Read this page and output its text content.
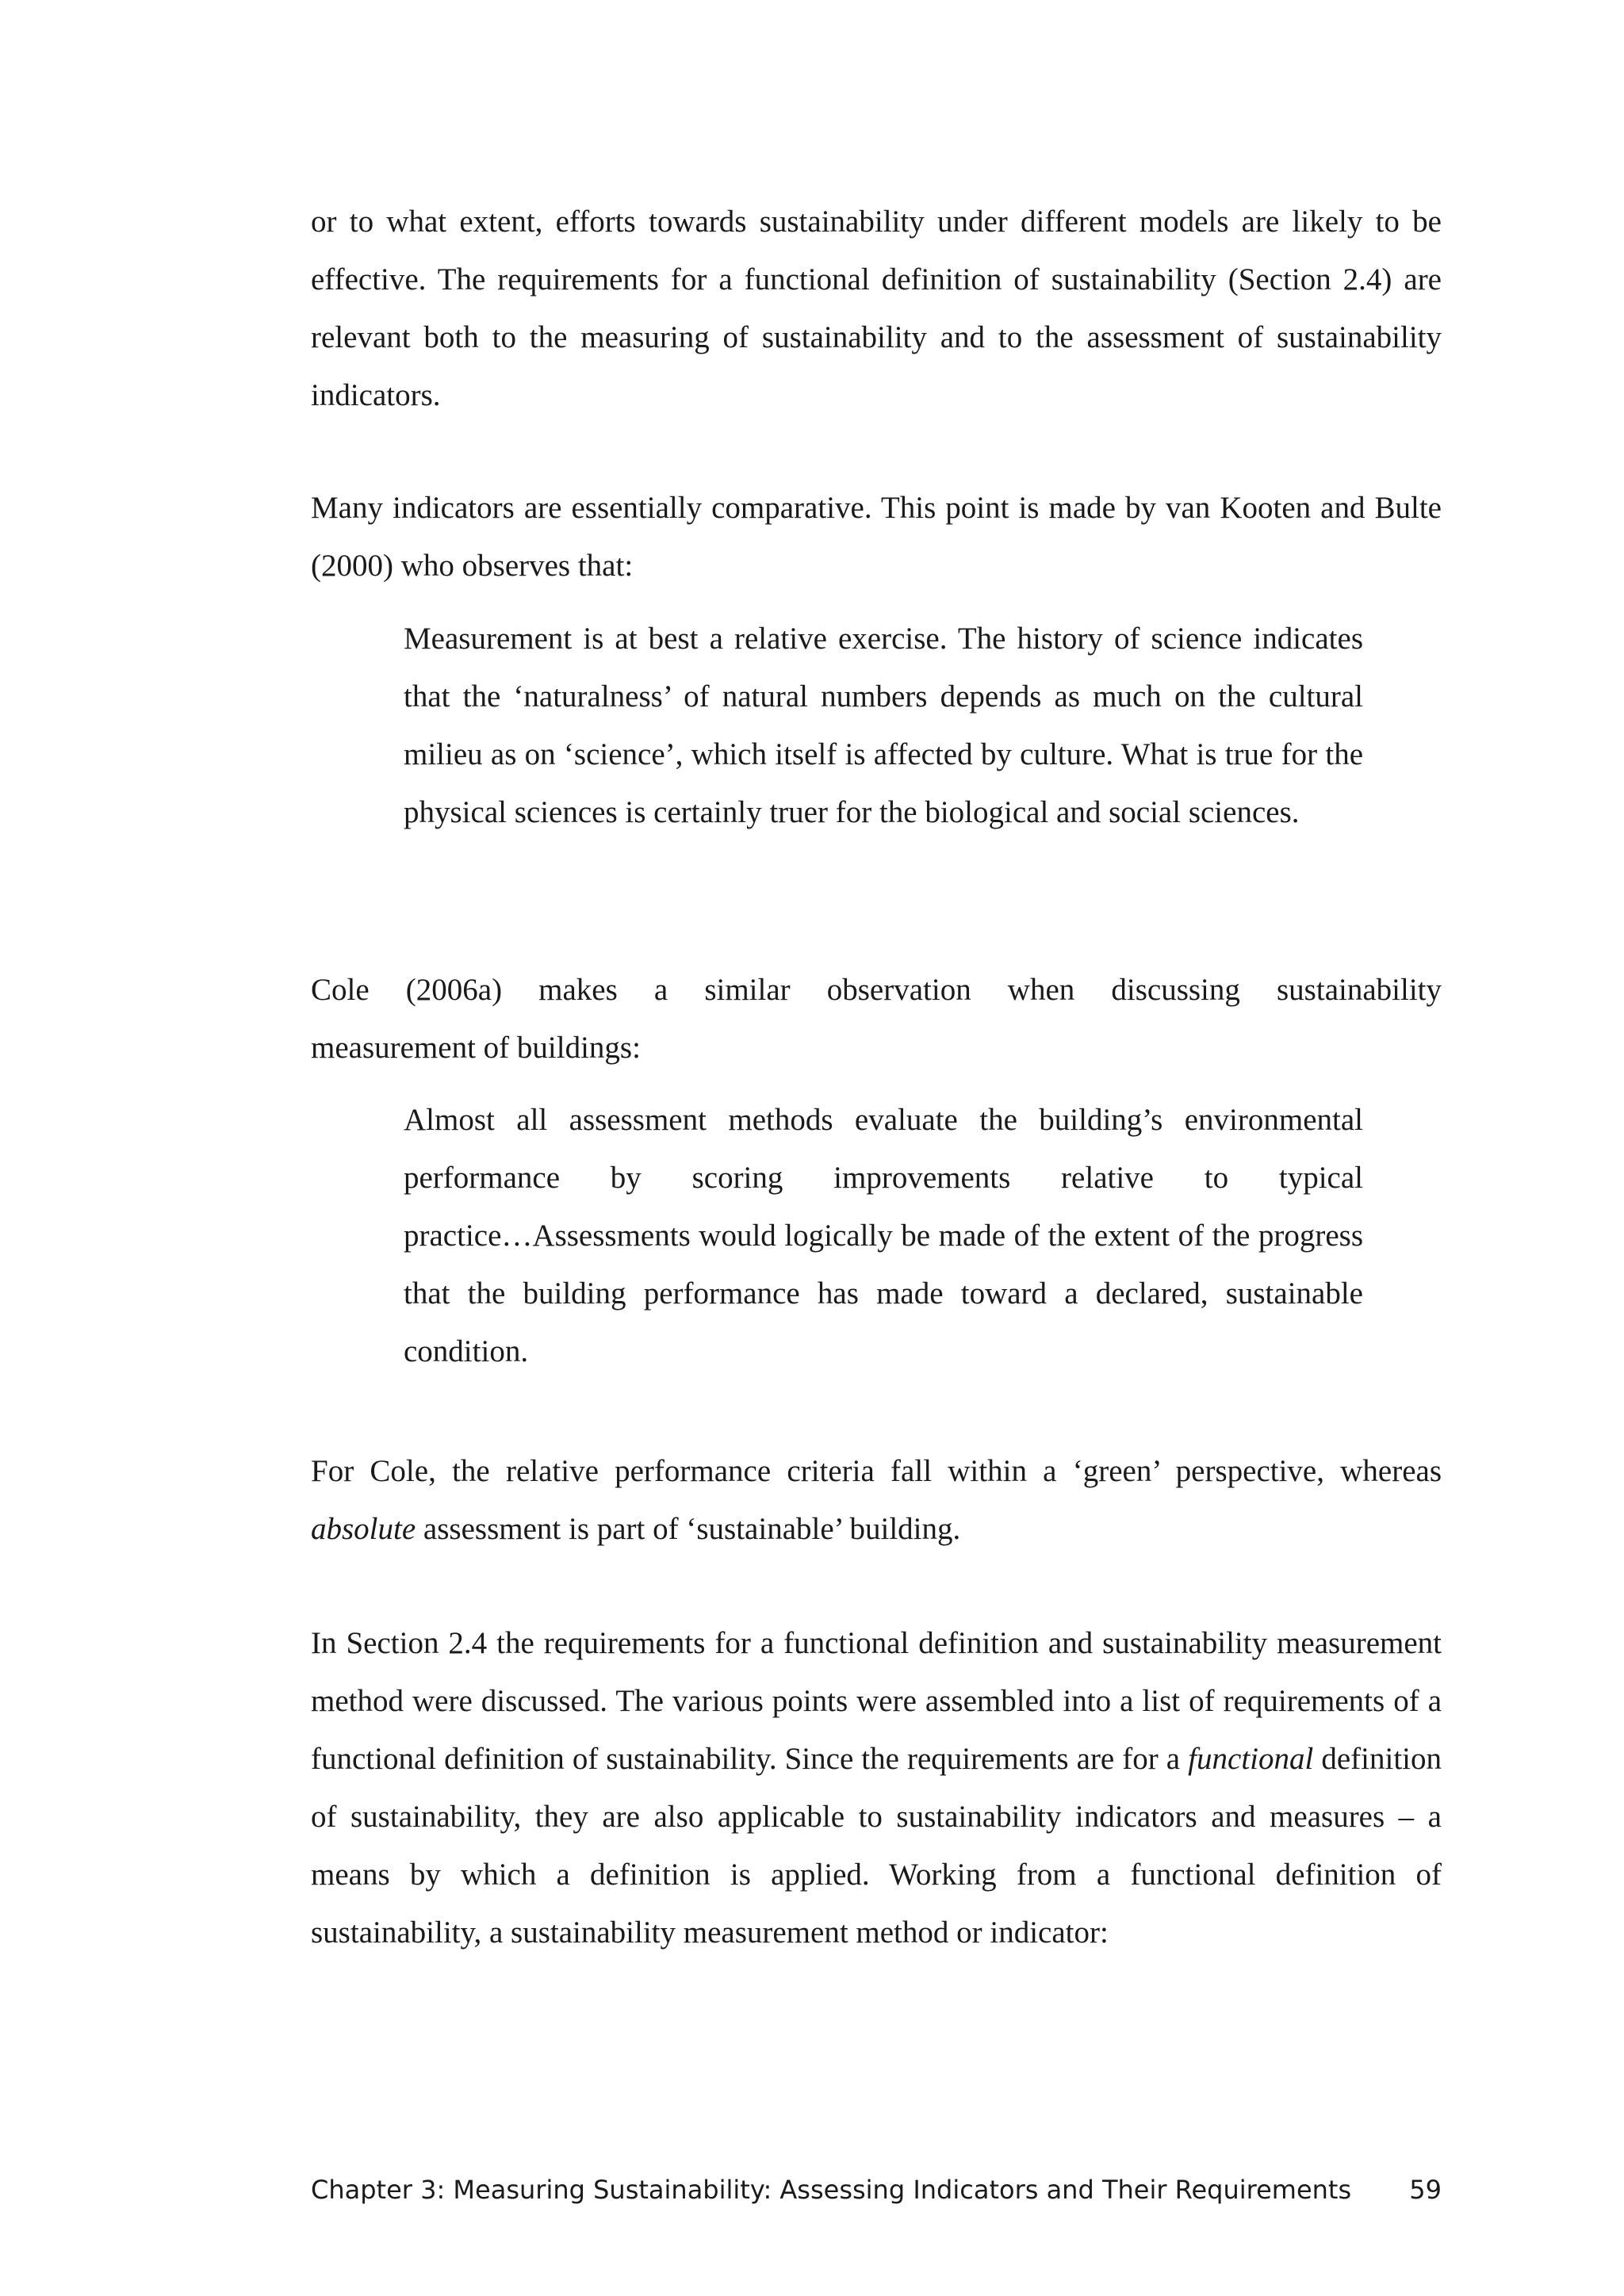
or to what extent, efforts towards sustainability under different models are likely to be effective. The requirements for a functional definition of sustainability (Section 2.4) are relevant both to the measuring of sustainability and to the assessment of sustainability indicators.

Many indicators are essentially comparative. This point is made by van Kooten and Bulte (2000) who observes that:

Measurement is at best a relative exercise. The history of science indicates that the ‘naturalness’ of natural numbers depends as much on the cultural milieu as on ‘science’, which itself is affected by culture. What is true for the physical sciences is certainly truer for the biological and social sciences.

Cole (2006a) makes a similar observation when discussing sustainability

measurement of buildings:

Almost all assessment methods evaluate the building’s environmental

performance by scoring improvements relative to typical

practice…Assessments would logically be made of the extent of the progress that the building performance has made toward a declared, sustainable condition.

For Cole, the relative performance criteria fall within a ‘green’ perspective, whereas absolute assessment is part of ‘sustainable’ building.

In Section 2.4 the requirements for a functional definition and sustainability measurement method were discussed. The various points were assembled into a list of requirements of a functional definition of sustainability. Since the requirements are for a functional definition of sustainability, they are also applicable to sustainability indicators and measures – a means by which a definition is applied. Working from a functional definition of sustainability, a sustainability measurement method or indicator:

Chapter 3: Measuring Sustainability: Assessing Indicators and Their Requirements 59
